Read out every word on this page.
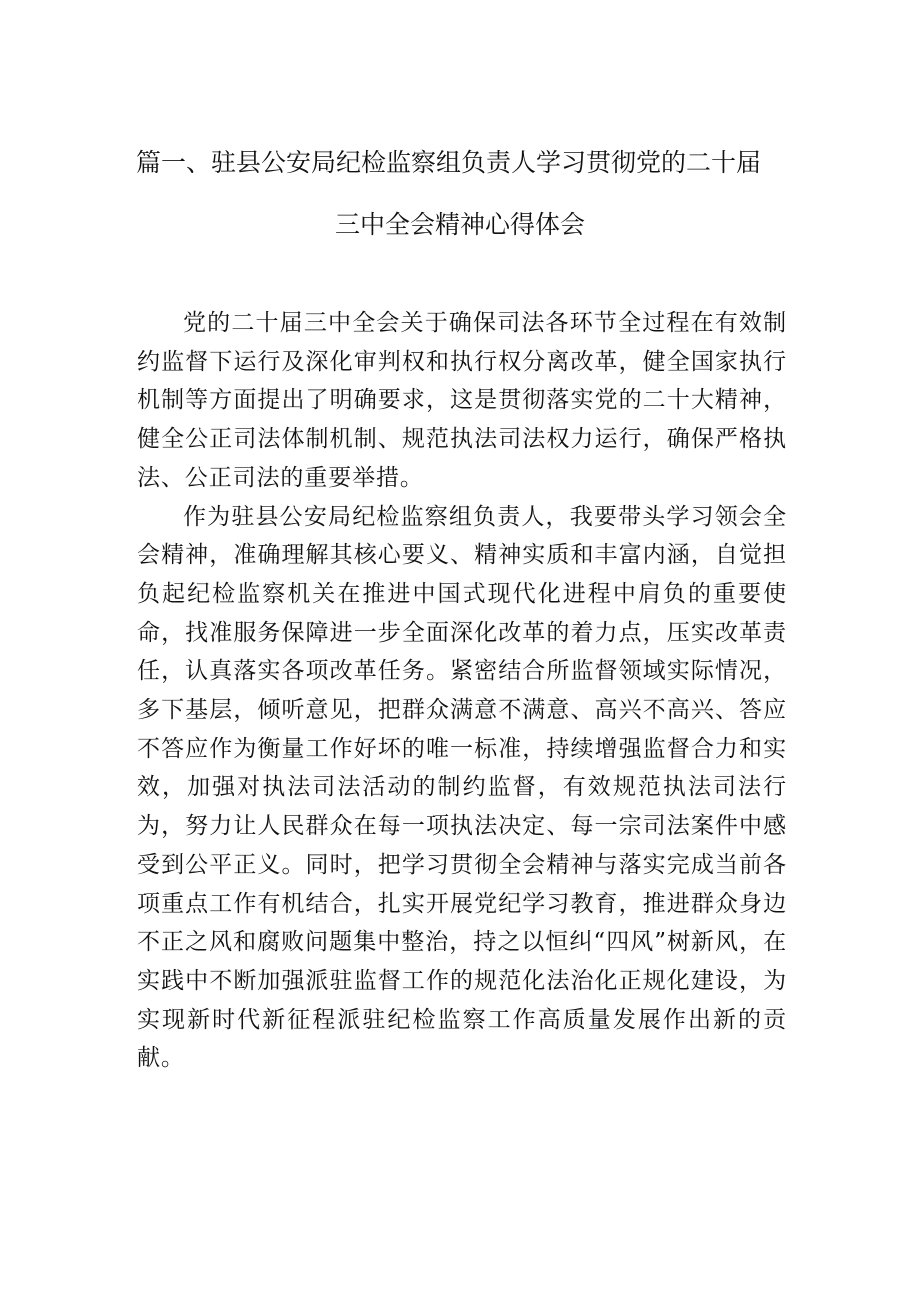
篇一、驻县公安局纪检监察组负责人学习贯彻党的二十届
三中全会精神心得体会

党的二十届三中全会关于确保司法各环节全过程在有效制约监督下运行及深化审判权和执行权分离改革，健全国家执行机制等方面提出了明确要求，这是贯彻落实党的二十大精神，健全公正司法体制机制、规范执法司法权力运行，确保严格执法、公正司法的重要举措。

作为驻县公安局纪检监察组负责人，我要带头学习领会全会精神，准确理解其核心要义、精神实质和丰富内涵，自觉担负起纪检监察机关在推进中国式现代化进程中肩负的重要使命，找准服务保障进一步全面深化改革的着力点，压实改革责任，认真落实各项改革任务。紧密结合所监督领域实际情况，多下基层，倾听意见，把群众满意不满意、高兴不高兴、答应不答应作为衡量工作好坏的唯一标准，持续增强监督合力和实效，加强对执法司法活动的制约监督，有效规范执法司法行为，努力让人民群众在每一项执法决定、每一宗司法案件中感受到公平正义。同时，把学习贯彻全会精神与落实完成当前各项重点工作有机结合，扎实开展党纪学习教育，推进群众身边不正之风和腐败问题集中整治，持之以恒纠“四风”树新风，在实践中不断加强派驻监督工作的规范化法治化正规化建设，为实现新时代新征程派驻纪检监察工作高质量发展作出新的贡献。
